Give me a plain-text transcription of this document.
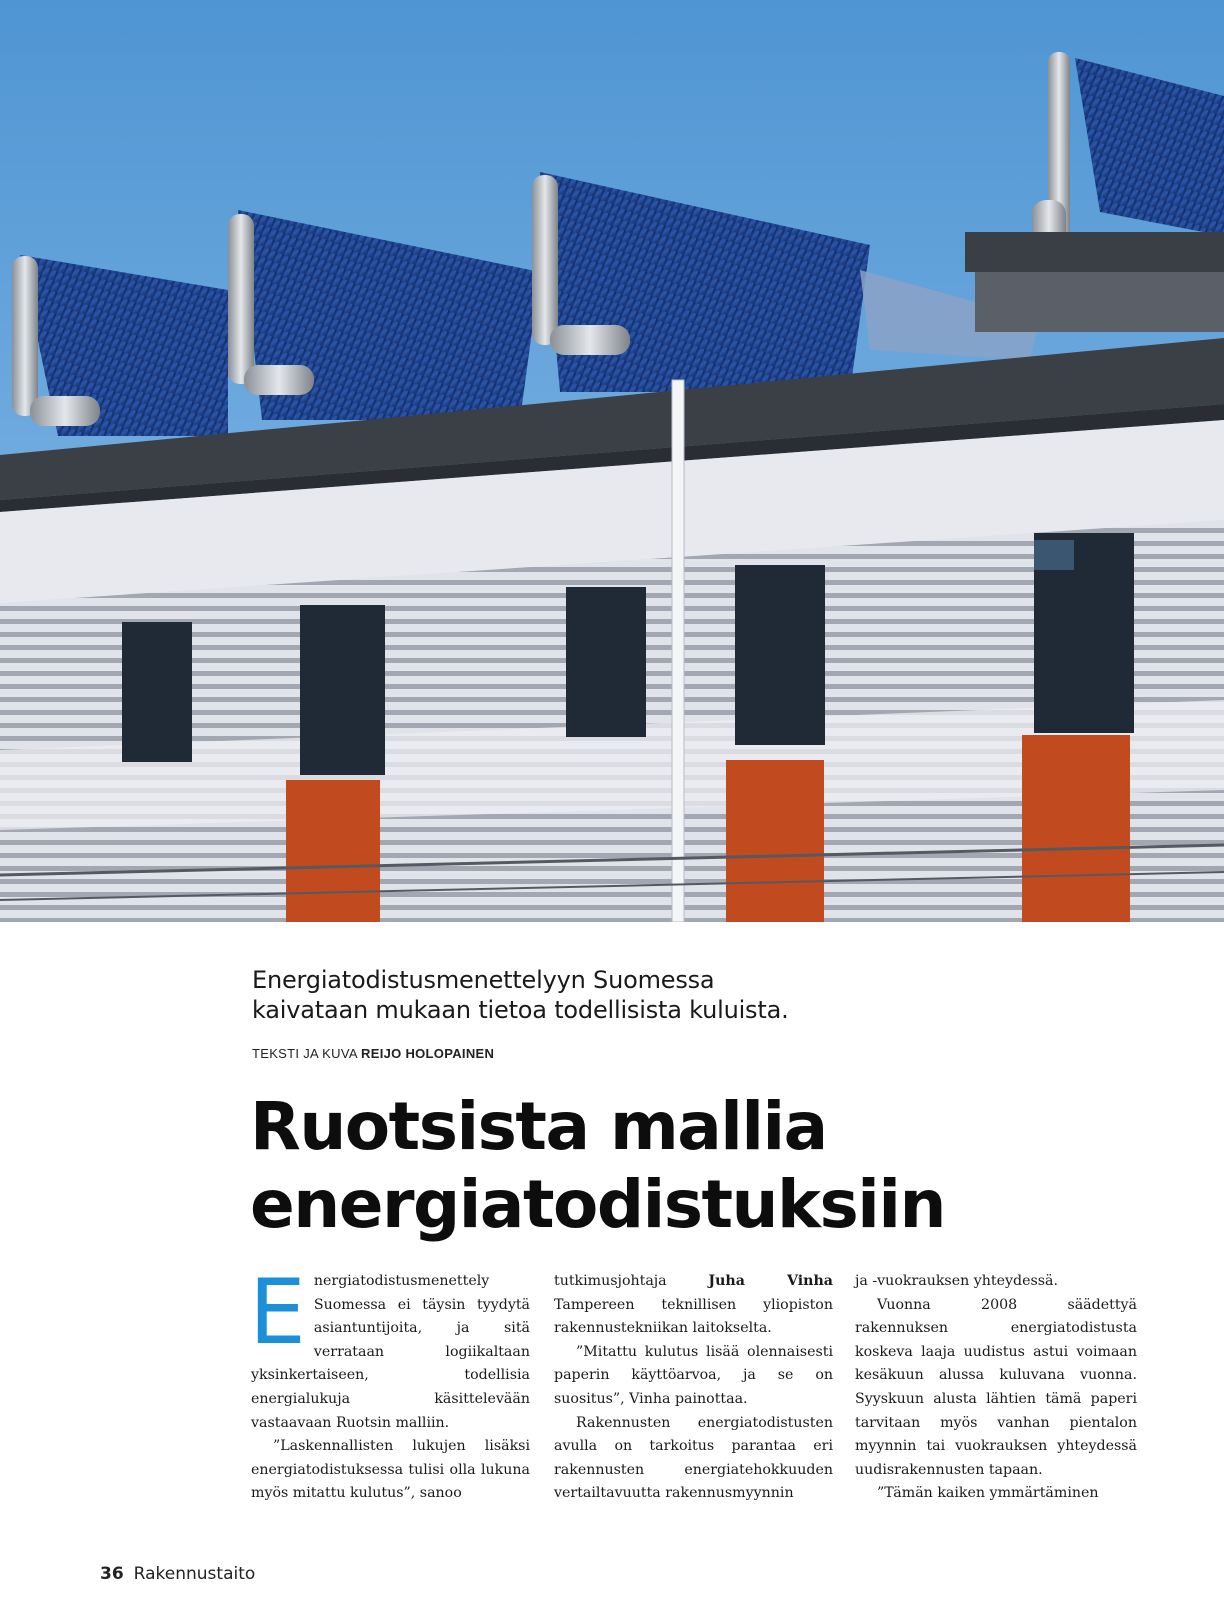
Energiatodistusmenettelyyn Suomessa
kaivataan mukaan tietoa todellisista kuluista.
TEKSTI JA KUVA REIJO HOLOPAINEN
Ruotsista mallia
energiatodistuksiin

Energiatodistusmenettely Suomessa ei täysin tyydytä asiantuntijoita, ja sitä verrataan logiikaltaan yksinkertaiseen, todellisia energialukuja käsittelevään vastaavaan Ruotsin malliin.

”Laskennallisten lukujen lisäksi energiatodistuksessa tulisi olla lukuna myös mitattu kulutus”, sanoo

tutkimusjohtaja	Juha Vinha Tampereen teknillisen yliopiston rakennustekniikan laitokselta.

”Mitattu kulutus lisää olennaisesti paperin käyttöarvoa, ja se on suositus”, Vinha painottaa.

Rakennusten energiatodistusten avulla on tarkoitus parantaa eri rakennusten energiatehokkuuden vertailtavuutta rakennusmyynnin

ja -vuokrauksen yhteydessä.

Vuonna 2008 säädettyä rakennuksen energiatodistusta koskeva laaja uudistus astui voimaan kesäkuun alussa kuluvana vuonna. Syyskuun alusta lähtien tämä paperi tarvitaan myös vanhan pientalon myynnin tai vuokrauksen yhteydessä uudisrakennusten tapaan.

”Tämän kaiken ymmärtäminen

36 Rakennustaito
